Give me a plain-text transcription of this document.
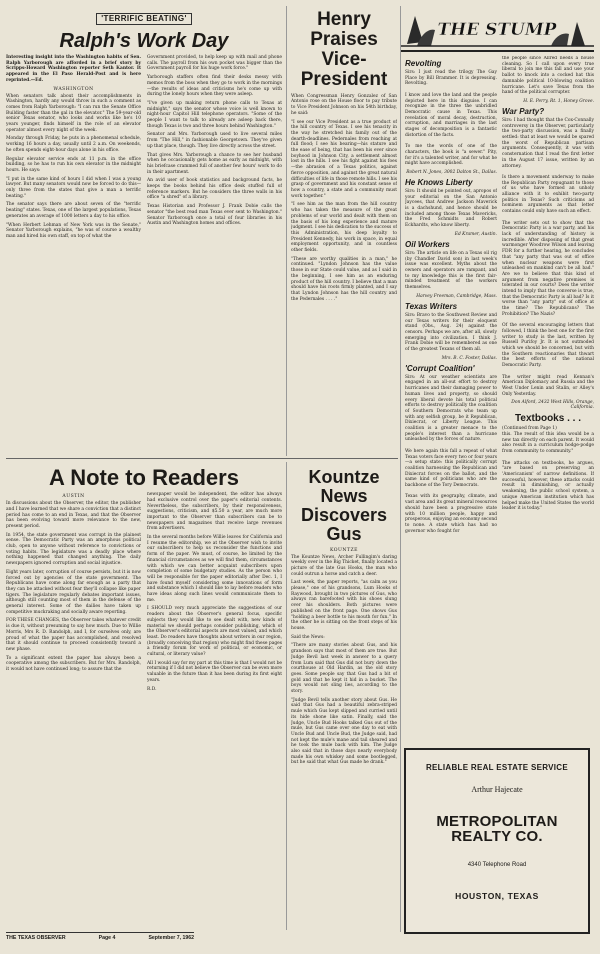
'TERRIFIC BEATING'
Ralph's Work Day

Interesting insight into the Washington habits of Sen. Ralph Yarborough are afforded in a brief story by Scripps-Howard Washington reporter Seth Kantor. It appeared in the El Paso Herald-Post and is here reprinted.—Ed.

WASHINGTON

When senators talk about their accomplishments in Washington, hardly any would throw in such a comment as comes from Ralph Yarborough: "I can run the Senate Office Building faster than the gal in the elevator." The 59-year-old senior Texas senator, who looks and works like he's 10 years younger, finds himself in the role of an elevator operator almost every night of the week.

Monday through Friday, he puts in a phenomenal schedule, working 16 hours a day, usually until 2 a.m. On weekends, he often spends eight-hour days alone in his office.

Regular elevator service ends at 11 p.m. in the office building, so he has to run his own elevator in the midnight hours. He says:

"I put in the same kind of hours I did when I was a young lawyer. But many senators would now be forced to do this—only three from the states that give a man a terrific beating."

The senator says there are about seven of the "terrific beating" states. Texas, one of the largest populations, Texas generates an average of 1000 letters a day to his office.

"When Herbert Lehman of New York was in the Senate," Senator Yarborough explains, "he was of course a wealthy man and hired his own staff, on top of what the

Government provided, to help keep up with mail and phone calls. The payroll from his own pocket was bigger than the Government payroll for his huge work force."

Yarborough staffers often find their desks messy with memos from the boss when they go to work in the mornings—the results of ideas and criticisms he's come up with during the lonely hours when they were asleep.

"I've given up making return phone calls to Texas at midnight," says the senator whose voice is well known to night-hour Capitol Hill telephone operators. "Some of the people I want to talk to already are asleep back there, though Texas is two and three hours behind Washington."

Senator and Mrs. Yarborough used to live several miles from "The Hill," in fashionable Georgetown. They've given up that place, though. They live directly across the street.

That gives Mrs. Yarborough a chance to see her husband when he occasionally gets home as early as midnight, with his briefcase crammed full of another few hours' work to do in their apartment.

An avid user of book statistics and background facts, he keeps the books behind his office desk stuffed full of reference markers. But he considers the three walls in his office "a shred" of a library.

Texas Historian and Professor J. Frank Dobie calls the senator "the best read man Texas ever sent to Washington." Senator Yarborough once a total of four libraries in his Austin and Washington homes and offices.

Henry Praises Vice-President

When Congressman Henry Gonzalez of San Antonio rose on the House floor to pay tribute to Vice President Johnson on his 54th birthday, he said:

"I see our Vice President as a true product of the hill country of Texas. I see his tenacity in the way he stretched his family out of the dearth-deadlines. Pedernales from reaching at full flood; I see his bearing—his stature and the ease of being, that has been his ever since boyhood in Johnson City, a settlement almost lost in the hills. I see his fight against his foes—the abrasion of a Texas politics, against fierce opposition, and against the great natural difficulties of life in those remote hills. I see his grasp of government and his constant sense of how a country, a state and a community must work together."

"I see him as the man from the hill country who has taken the measure of the great problems of our world and dealt with them on the basis of his long experience and mature judgment. I see his dedication to the success of this Administration, his deep loyalty to President Kennedy, his work in space, in equal employment opportunity, and in countless other fields.

"These are worthy qualities in a man," he continued. "Lyndon Johnson has the value those in our State could value, and as I said in the beginning, I see him as an enduring product of the hill country. I believe that a man should have his roots firmly planted, and I say that Lyndon Johnson has the hill country and the Pedernales . . . ."

A Note to Readers
AUSTIN

In discussions about the Observer, the editor, the publisher and I have learned that we share a conviction that a distinct period has come to an end in Texas, and that the Observer has been evolving toward more relevance to the new, present period.

In 1954, the state government was corrupt in the plainest sense. The Democratic Party was an amorphous political club, open to anyone without reference to convictions or voting habits. The legislature was a deadly place where nothing happened that changed anything. The daily newspapers ignored corruption and social injustice.

Eight years later, corruption of course persists, but it is now forced out by agencies of the state government. The Republicans have come along far enough as a party that they can be attacked without fear they'll collapse like paper tigers. The legislature regularly debates important issues, although still counting most of them in the defense of the general interest. Some of the dailies have taken up competitive muckraking and socially aware reporting.

FOR THESE CHANGES, the Observer takes whatever credit is due it, without presuming to say how much. Due to Willie Morris, Mrs R. D. Randolph, and I, for ourselves only, are proud of what the paper has accomplished, and resolved that it should continue to proceed consistently toward a new phase.

To a significant extent the paper has always been a cooperative among the subscribers. But for Mrs. Randolph, it would not have continued long; to assure that the

newspaper would be independent, the editor has always had exclusive control over the paper's editorial contents. Nevertheless, the subscribers, by their responsiveness, suggestions, criticism, and $5.50 a year, are much more important to the Observer than subscribers can be to newspapers and magazines that receive large revenues from advertisers.

In the several months before Willie leaves for California and I resume the editorship, we at the Observer wish to invite our subscribers to help us reconsider the functions and form of the paper. We must, of course, be limited by the financial circumstances as we will find them, circumstances with which we can better acquaint subscribers upon completion of some budgetary studies. As the person who will be responsible for the paper editorially after Dec. 1, I have found myself considering some innovations of form and substance which I should like to lay before readers who have ideas along such lines would communicate them to me.

I SHOULD very much appreciate the suggestions of our readers about the Observer's general focus, specific subjects they would like to see dealt with, new kinds of material we should perhaps consider publishing, which of the Observer's editorial aspects are most valued, and which least. Do readers have thoughts about writers in our region, (broadly conceiving that region) who might find these pages a friendly forum for work of political, or economic, or cultural, or literary value?

All I would say for my part at this time is that I would not be returning if I did not believe the Observer can be even more valuable in the future than it has been during its first eight years.

R.D.

Kountze News Discovers Gus
KOUNTZE

The Kountze News, Archer Fullingim's daring weekly over in the Big Thicket, finally located a picture of the late Gus Hooks, the man who could outrun a horse and catch a deer.

Last week, the paper reports, "as calm as you please," one of his grandsons, Lum Hooks of Raywood, brought in two pictures of Gus, who always ran barefooted with his shoes slung over his shoulders. Both pictures were published on the front page. One shows Gus "holding a beer bottle to his mouth for fun." In the other he is sitting on the front steps of his house.

Said the News:

"There are many stories about Gus, and his grandson says that most of them are true. But Judge Bevil last week in answer to a query from Lum said that Gus did not bury down the courthouse at Old Hardin, as the old story goes. Some people say that Gus had a bit of gold and that he kept it hid in a bucket. The boys would not sling lies, according to the story.

"Judge Bevil tells another story about Gus. He said that Gus had a beautiful zebra-striped mule which Gus kept slipped and curried until its hide shone like satin. Finally, said the Judge, Uncle Bud Hooks talked Gus out of the mule, but Gus came over one day to eat with Uncle Bud and Uncle Bud, the Judge said, had not kept the mule's mane and tail sheared and he took the mule back with him. The Judge also said that in those days nearly everybody made his own whiskey and some bootlegged, but he said that what Gus made he drank."

THE STUMP
Revolting

Sirs: I just read the trilogy The Gay Place by Bill Brammer. It is depressing. Revolting.

I know and love the land and the people depicted here in this disguise. I can recognize in the three the unbridled Democratic cause in Texas. This revelation of moral decay, destruction, corruption, and marriages in the last stages of decomposition is a fantastic distortion of the facts.

To me the words of one of the characters, the book is "a sewer." Pity, for it's a talented writer, and for what he might have accomplished.

Robert N. Jones, 3002 Dalton St., Dallas.
He Knows Liberty

Sirs: It should be pointed out, apropos of your editorial on the San Antonio Jaycees, that Andrew Jackson Maverick is a dachshund, and hence should be included among those Texas Mavericks, the Fred Schmidts and Robert Eckhardts, who know liberty.

Ed Kramer, Austin.
Oil Workers

Sirs: The article on life on a Texas oil rig (by Chandler David son) in last week's issue was excellent. Myths about the owners and operators are rampant, and to my knowledge this is the first fair-minded treatment of the workers themselves.

Harvey Freeman, Cambridge, Mass.
Texas Writers

Sirs: Bravo to the Southwest Review and our Texas writers for their eloquent stand (Obs., Aug. 24) against the censors. Perhaps we are, after all, slowly emerging into civilization. I think J. Frank Dobie will be remembered as one of the greatest Texans of them all.

Mrs. B. C. Foster, Dallas.
'Corrupt Coalition'

Sirs: At our weather scientists are engaged in an all-out effort to destroy hurricanes and their damaging power to human lives and property, so should every liberal devote his total political efforts to destroy politically the coalition of Southern Democrats who team up with any selfish group, be it Republican, Dixiecrat, or Liberty League. This coalition is a greater menace to the people's interest than a hurricane unleashed by the forces of nature.

We here again this fall a repeat of what Texas voters face every two or four years—a setup state: this politically corrupt coalition harnessing the Republican and Dixiecrat forces on the ballot, and the same kind of politicians who are the backbone of the Tory Democrats.

Texas with its geography, climate, and vast area and its great mineral resources should have been a progressive state with 10 million people, happy and prosperous, enjoying an economy second to none. A state which has had no governor who fought for

the people since Allred needs a house cleaning. So I call upon every true liberal to join me this fall and use your ballot to knock into a cocked hat this damnable political 10-blowing coalition hurricane. Let's save Texas from the hand of the political corrupter.

H. E. Perry, Rt. 1, Honey Grove.
War Party?

Sirs: I had thought that the Cox-Connally controversy in the Observer, particularly the two-party discussion, was a finally settled: that at least we would be spared the worst of Republican partisan arguments. Consequently, it was with consternation that I read the first letter in the August 17 issue, written by an attorney.

Is there a movement underway to make the Republican Party repugnant to those of us who have formed an unholy alliance with it to exhibit two-party politics in Texas? Such criticisms ad hominem arguments as that letter contains could only have such an effect.

The writer sets out to show that the Democratic Party is a war party, and his lack of understanding of history is incredible. After disposing of that great warmonger Woodrow Wilson and leaving FDR for a further hearing, he concludes that "any party that was out of office when nuclear weapons were first unleashed on mankind can't be all bad." Are we to believe that this kind of argument from negative premises is tolerated in our courts? Does the writer intend to imply that the converse is true, that the Democratic Party is all bad? Is it worse than "any party" out of office at the time? The Republicans? The Prohibition? The Nazis?

Of the several encouraging letters that followed, I think the best one for the first writer to study is the last, written by Russell Purifoy Jr. It is not outmoded which we should be concerned, but with the Southern reactionaries that thwart the best efforts of the national Democratic Party.

The writer might read Kennan's American Diplomacy and Russia and the West Under Lenin and Stalin, or Alley's Only Yesterday.

Don Alford, 2432 West Hills, Orange, California.
Textbooks . . .

(Continued from Page 1)
this. The result of this idea would be a new tax directly on each parent. It would also result in a curriculum hodge-podge from community to community."

The attacks on textbooks, he argues, "are based on preserving an 'Americanism' of narrow definitions. If successful, however, these attacks could result in diminishing, or actually weakening, the public school system, a unique American institution which has helped make the United States the world leader it is today."

RELIABLE REAL ESTATE SERVICE
Arthur Hajecate
METROPOLITAN REALTY CO.
4340 Telephone Road
HOUSTON, TEXAS
THE TEXAS OBSERVER	Page 4	September 7, 1962
